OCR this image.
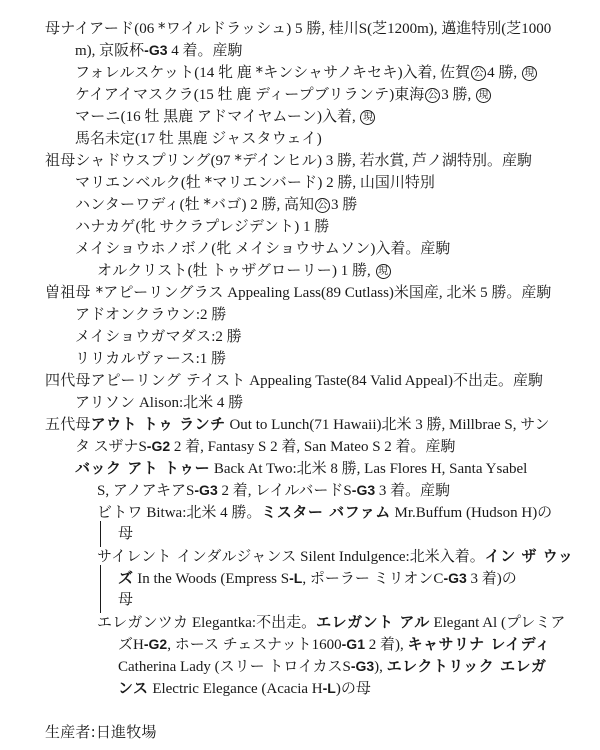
母ナイアード(06 *ワイルドラッシュ) 5 勝, 桂川S(芝1200m), 邁進特別(芝1000
m), 京阪杯-G3 4 着。産駒
フォレルスケット(14 牝 鹿 *キンシャサノキセキ)入着, 佐賀 公 4 勝, 現
ケイアイマスクラ(15 牡 鹿 ディープブリランテ)東海 公 3 勝, 現
マーニ(16 牡 黒鹿 アドマイヤムーン)入着, 現
馬名未定(17 牡 黒鹿 ジャスタウェイ)
祖母シャドウスプリング(97 *デインヒル) 3 勝, 若水賞, 芦ノ湖特別。産駒
マリエンベルク(牡 *マリエンバード) 2 勝, 山国川特別
ハンターワディ(牡 *バゴ) 2 勝, 高知 公 3 勝
ハナカゲ(牝 サクラプレジデント) 1 勝
メイショウホノボノ(牝 メイショウサムソン)入着。産駒
オルクリスト(牡 トゥザグローリー) 1 勝, 現
曽祖母 *アピーリングラス Appealing Lass(89 Cutlass)米国産, 北米 5 勝。産駒
アドオンクラウン:2 勝
メイショウガマダス:2 勝
リリカルヴァース:1 勝
四代母アピーリング テイスト Appealing Taste(84 Valid Appeal)不出走。産駒
アリソン Alison:北米 4 勝
五代母アウト トゥ ランチ Out to Lunch(71 Hawaii)北米 3 勝, Millbrae S, サン
タ スザナS-G2 2 着, Fantasy S 2 着, San Mateo S 2 着。産駒
バック アト トゥー Back At Two:北米 8 勝, Las Flores H, Santa Ysabel
S, アノアキアS-G3 2 着, レイルバードS-G3 3 着。産駒
ビトワ Bitwa:北米 4 勝。ミスター バファム Mr.Buffum (Hudson H)の
母
サイレント インダルジャンス Silent Indulgence:北米入着。イン ザ ウッ
ズ In the Woods (Empress S-L, ポーラー ミリオンC-G3 3 着)の
母
エレガンツカ Elegantka:不出走。エレガント アル Elegant Al (プレミア
ズH-G2, ホース チェスナット1600-G1 2 着), キャサリナ レイディ
Catherina Lady (スリー トロイカスS-G3), エレクトリック エレガ
ンス Electric Elegance (Acacia H-L)の母
生産者:日進牧場
